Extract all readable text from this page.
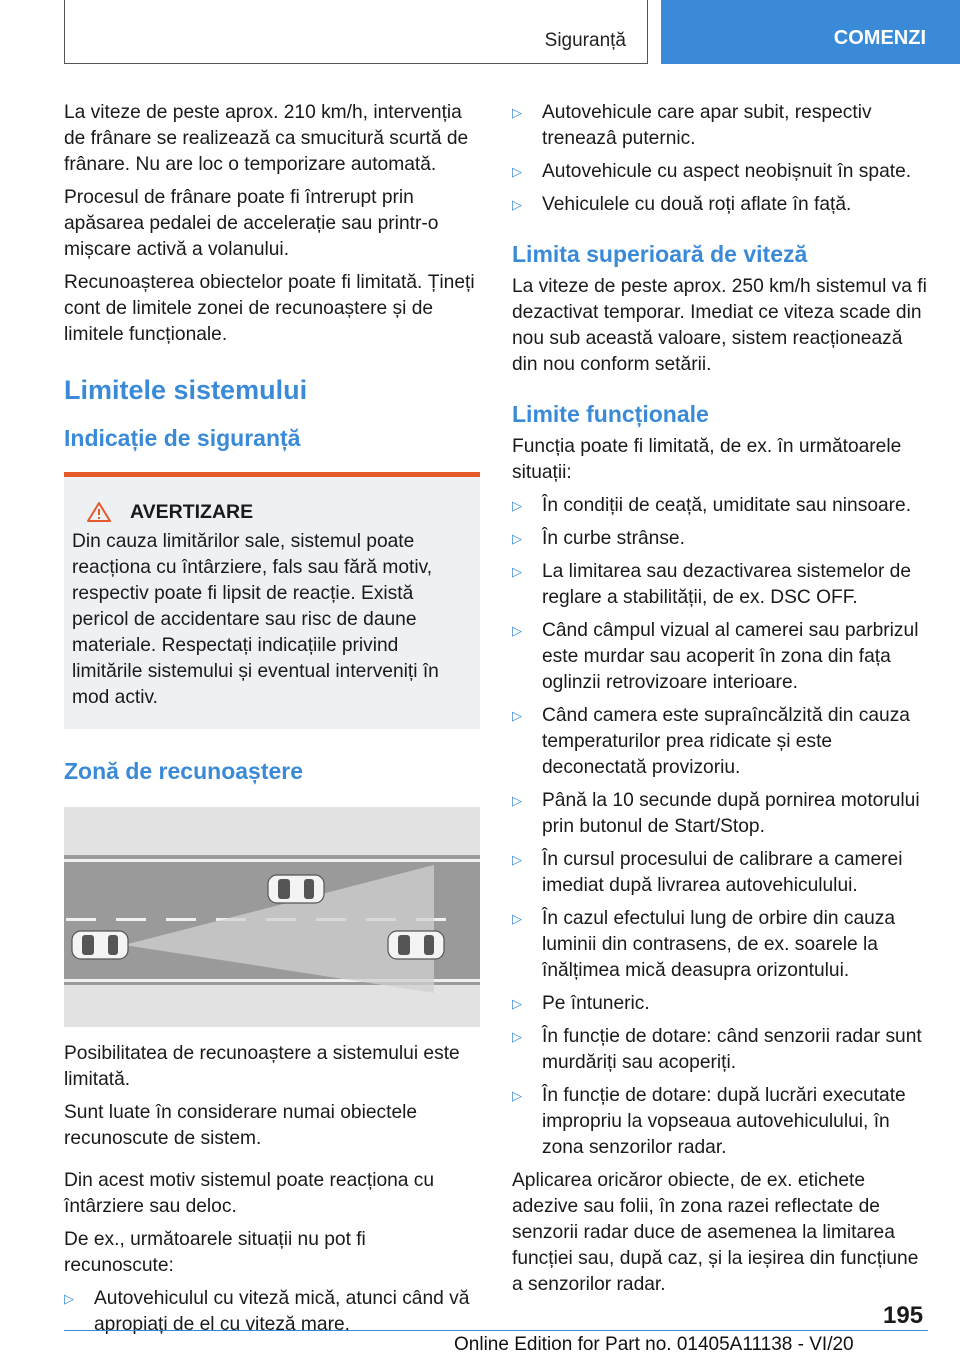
Siguranță	COMENZI

La viteze de peste aprox. 210 km/h, intervenția de frânare se realizează ca smucitură scurtă de frânare. Nu are loc o temporizare automată.

Procesul de frânare poate fi întrerupt prin apăsarea pedalei de accelerație sau printr-o mișcare activă a volanului.

Recunoașterea obiectelor poate fi limitată. Țineți cont de limitele zonei de recunoaștere și de limitele funcționale.

Limitele sistemului
Indicație de siguranță
AVERTIZARE

Din cauza limitărilor sale, sistemul poate reacționa cu întârziere, fals sau fără motiv, respectiv poate fi lipsit de reacție. Există pericol de accidentare sau risc de daune materiale. Respectați indicațiile privind limitările sistemului și eventual interveniți în mod activ.

Zonă de recunoaștere

Posibilitatea de recunoaștere a sistemului este limitată.

Sunt luate în considerare numai obiectele recunoscute de sistem.

Din acest motiv sistemul poate reacționa cu întârziere sau deloc.

De ex., următoarele situații nu pot fi recunoscute:

▷	Autovehiculul cu viteză mică, atunci când vă apropiați de el cu viteză mare.
▷	Autovehicule care apar subit, respectiv treneazâ puternic.
▷	Autovehicule cu aspect neobișnuit în spate.
▷	Vehiculele cu două roți aflate în față.
Limita superioară de viteză

La viteze de peste aprox. 250 km/h sistemul va fi dezactivat temporar. Imediat ce viteza scade din nou sub această valoare, sistem reacționează din nou conform setării.

Limite funcționale

Funcția poate fi limitată, de ex. în următoarele situații:

▷	În condiții de ceață, umiditate sau ninsoare.
▷	În curbe strânse.
▷	La limitarea sau dezactivarea sistemelor de reglare a stabilității, de ex. DSC OFF.
▷	Când câmpul vizual al camerei sau parbrizul este murdar sau acoperit în zona din fața oglinzii retrovizoare interioare.
▷	Când camera este supraîncălzită din cauza temperaturilor prea ridicate și este deconectată provizoriu.
▷	Până la 10 secunde după pornirea motorului prin butonul de Start/Stop.
▷	În cursul procesului de calibrare a camerei imediat după livrarea autovehiculului.
▷	În cazul efectului lung de orbire din cauza luminii din contrasens, de ex. soarele la înălțimea mică deasupra orizontului.
▷	Pe întuneric.
▷	În funcție de dotare: când senzorii radar sunt murdăriți sau acoperiți.
▷	În funcție de dotare: după lucrări executate impropriu la vopseaua autovehiculului, în zona senzorilor radar.

Aplicarea oricăror obiecte, de ex. etichete adezive sau folii, în zona razei reflectate de senzorii radar duce de asemenea la limitarea funcției sau, după caz, și la ieșirea din funcțiune a senzorilor radar.

195
Online Edition for Part no. 01405A11138 - VI/20
